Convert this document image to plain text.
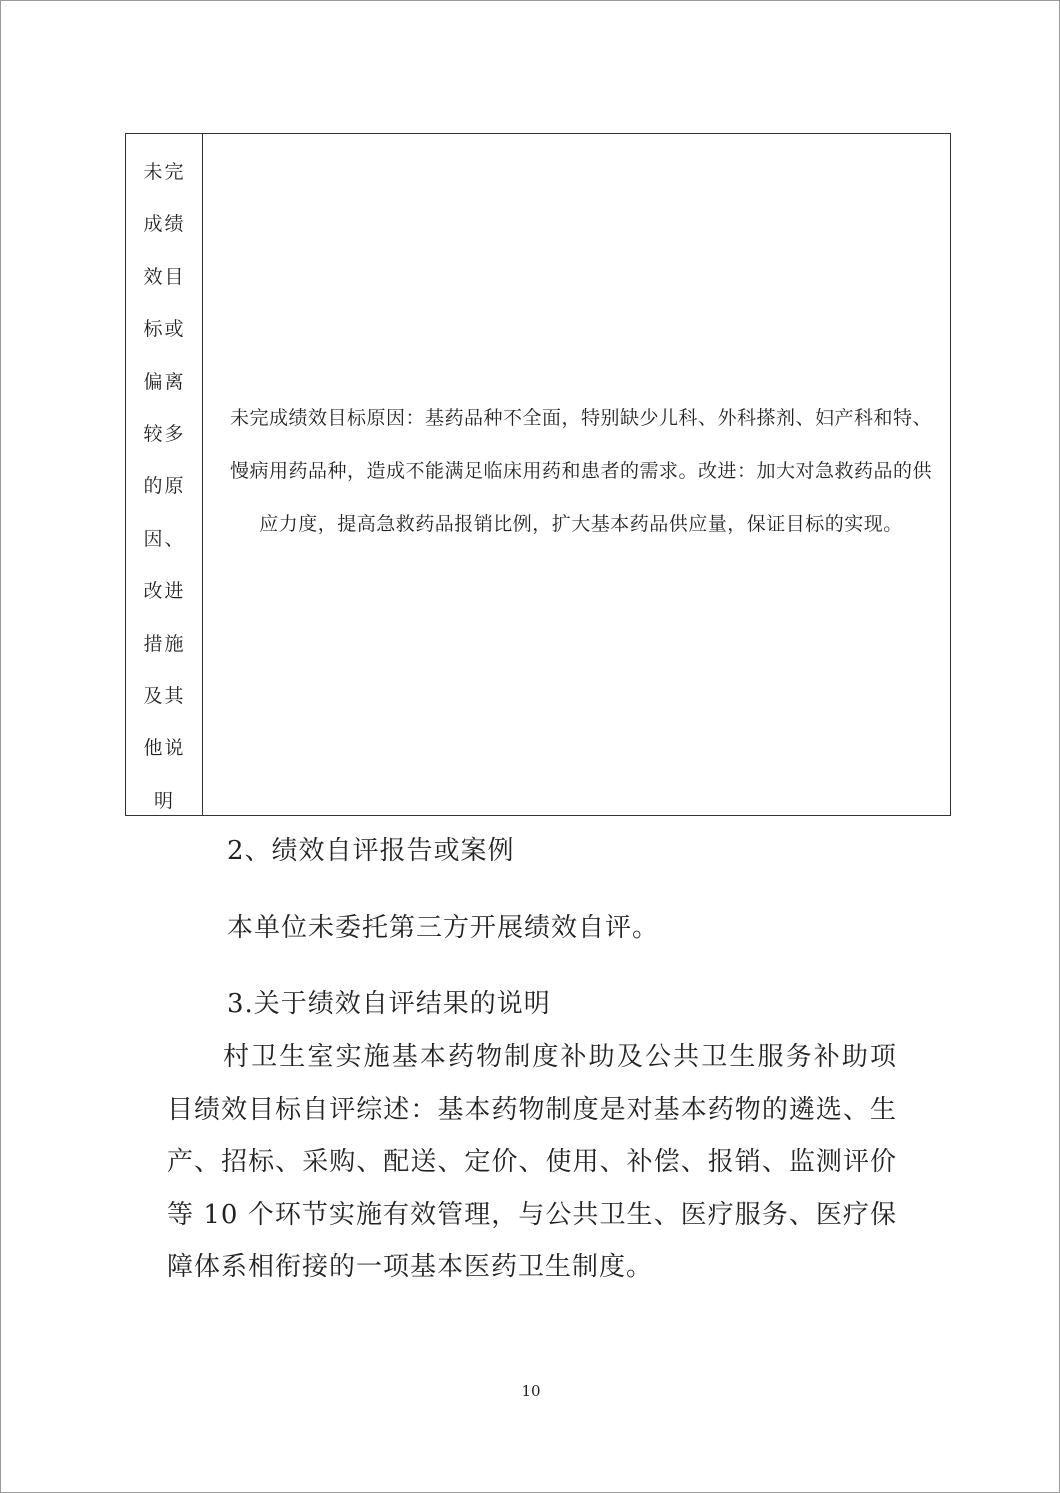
未完
成绩
效目
标或
偏离
较多
的原
因、
改进
措施
及其
他说
明
未完成绩效目标原因：基药品种不全面，特别缺少儿科、外科搽剂、妇产科和特、慢病用药品种，造成不能满足临床用药和患者的需求。改进：加大对急救药品的供应力度，提高急救药品报销比例，扩大基本药品供应量，保证目标的实现。
2、绩效自评报告或案例
本单位未委托第三方开展绩效自评。
3.关于绩效自评结果的说明
村卫生室实施基本药物制度补助及公共卫生服务补助项目绩效目标自评综述：基本药物制度是对基本药物的遴选、生产、招标、采购、配送、定价、使用、补偿、报销、监测评价等 10 个环节实施有效管理，与公共卫生、医疗服务、医疗保障体系相衔接的一项基本医药卫生制度。
10
